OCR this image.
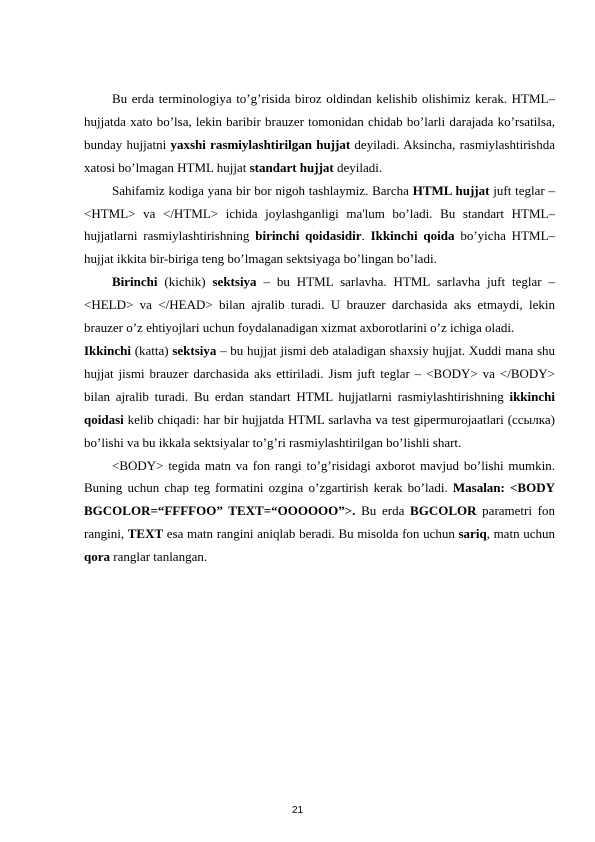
Bu erda terminologiya to’g’risida biroz oldindan kelishib olishimiz kerak. HTML–hujjatda xato bo’lsa, lekin baribir brauzer tomonidan chidab bo’larli darajada ko’rsatilsa, bunday hujjatni yaxshi rasmiylashtirilgan hujjat deyiladi. Aksincha, rasmiylashtirishda xatosi bo’lmagan HTML hujjat standart hujjat deyiladi.

Sahifamiz kodiga yana bir bor nigoh tashlaymiz. Barcha HTML hujjat juft teglar – <HTML> va </HTML> ichida joylashganligi ma'lum bo’ladi. Bu standart HTML–hujjatlarni rasmiylashtirishning birinchi qoidasidir. Ikkinchi qoida bo’yicha HTML–hujjat ikkita bir-biriga teng bo’lmagan sektsiyaga bo’lingan bo’ladi.

Birinchi (kichik) sektsiya – bu HTML sarlavha. HTML sarlavha juft teglar – <HELD> va </HEAD> bilan ajralib turadi. U brauzer darchasida aks etmaydi, lekin brauzer o’z ehtiyojlari uchun foydalanadigan xizmat axborotlarini o’z ichiga oladi.

Ikkinchi (katta) sektsiya – bu hujjat jismi deb ataladigan shaxsiy hujjat. Xuddi mana shu hujjat jismi brauzer darchasida aks ettiriladi. Jism juft teglar – <BODY> va </BODY> bilan ajralib turadi. Bu erdan standart HTML hujjatlarni rasmiylashtirishning ikkinchi qoidasi kelib chiqadi: har bir hujjatda HTML sarlavha va test gipermurojaatlari (ссылка) bo’lishi va bu ikkala sektsiyalar to’g’ri rasmiylashtirilgan bo’lishli shart.

<BODY> tegida matn va fon rangi to’g’risidagi axborot mavjud bo’lishi mumkin. Buning uchun chap teg formatini ozgina o’zgartirish kerak bo’ladi. Masalan: <BODY BGCOLOR=“FFFFOO” TEXT=“OOOOOO”>. Bu erda BGCOLOR parametri fon rangini, TEXT esa matn rangini aniqlab beradi. Bu misolda fon uchun sariq, matn uchun qora ranglar tanlangan.

21
